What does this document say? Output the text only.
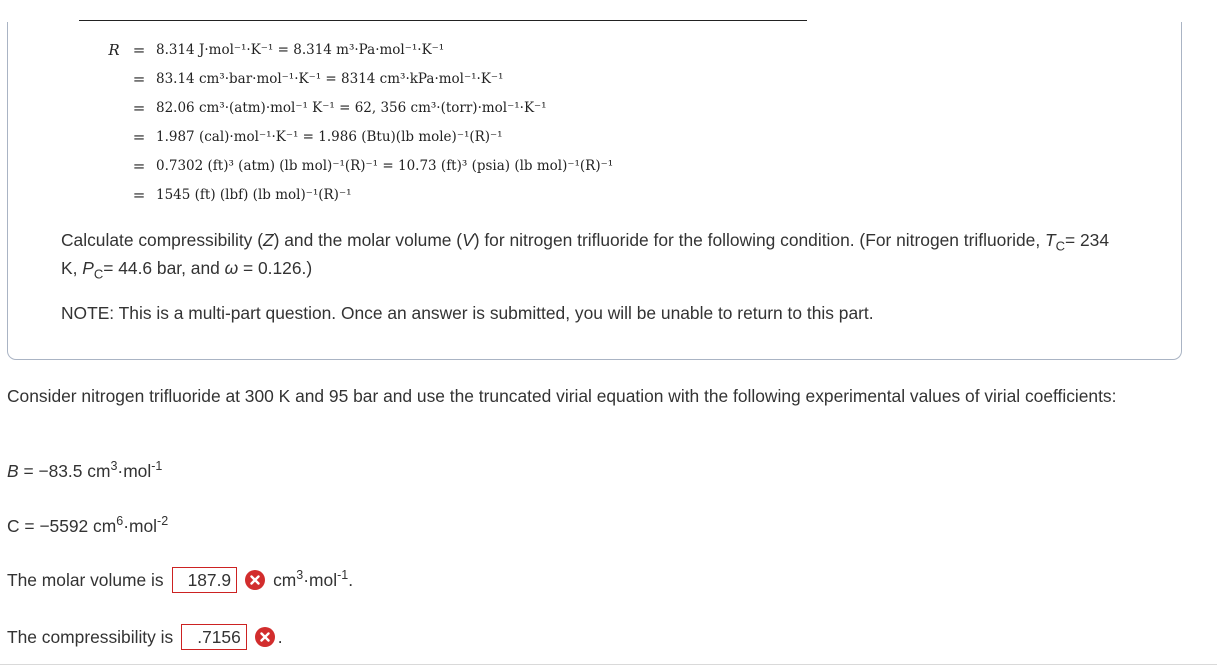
R = 8.314 J·mol⁻¹·K⁻¹ = 8.314 m³·Pa·mol⁻¹·K⁻¹
= 83.14 cm³·bar·mol⁻¹·K⁻¹ = 8314 cm³·kPa·mol⁻¹·K⁻¹
= 82.06 cm³·(atm)·mol⁻¹ K⁻¹ = 62, 356 cm³·(torr)·mol⁻¹·K⁻¹
= 1.987 (cal)·mol⁻¹·K⁻¹ = 1.986 (Btu)(lb mole)⁻¹(R)⁻¹
= 0.7302 (ft)³ (atm) (lb mol)⁻¹(R)⁻¹ = 10.73 (ft)³ (psia) (lb mol)⁻¹(R)⁻¹
= 1545 (ft) (lbf) (lb mol)⁻¹(R)⁻¹
Calculate compressibility (Z) and the molar volume (V) for nitrogen trifluoride for the following condition. (For nitrogen trifluoride, $T_C= 234$ K, $P_C= 44.6$ bar, and ω = 0.126.)
NOTE: This is a multi-part question. Once an answer is submitted, you will be unable to return to this part.
Consider nitrogen trifluoride at 300 K and 95 bar and use the truncated virial equation with the following experimental values of virial coefficients:
B = −83.5 $cm^3\cdot mol^{-1}$
C = −5592 $cm^6\cdot mol^{-2}$
The molar volume is	187.9	$cm^3\cdot mol^{-1}$.
The compressibility is	.7156	.
